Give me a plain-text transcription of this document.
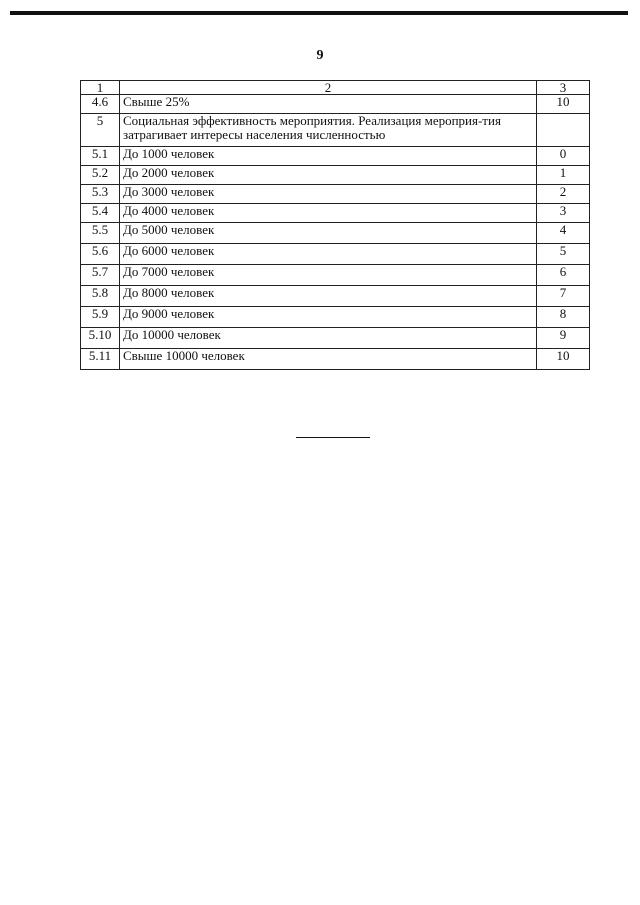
9
1	2	3
4.6	Свыше 25%	10
5	Социальная эффективность мероприятия. Реализация мероприя-тия затрагивает интересы населения численностью	
5.1	До 1000 человек	0
5.2	До 2000 человек	1
5.3	До 3000 человек	2
5.4	До 4000 человек	3
5.5	До 5000 человек	4
5.6	До 6000 человек	5
5.7	До 7000 человек	6
5.8	До 8000 человек	7
5.9	До 9000 человек	8
5.10	До 10000 человек	9
5.11	Свыше 10000 человек	10
